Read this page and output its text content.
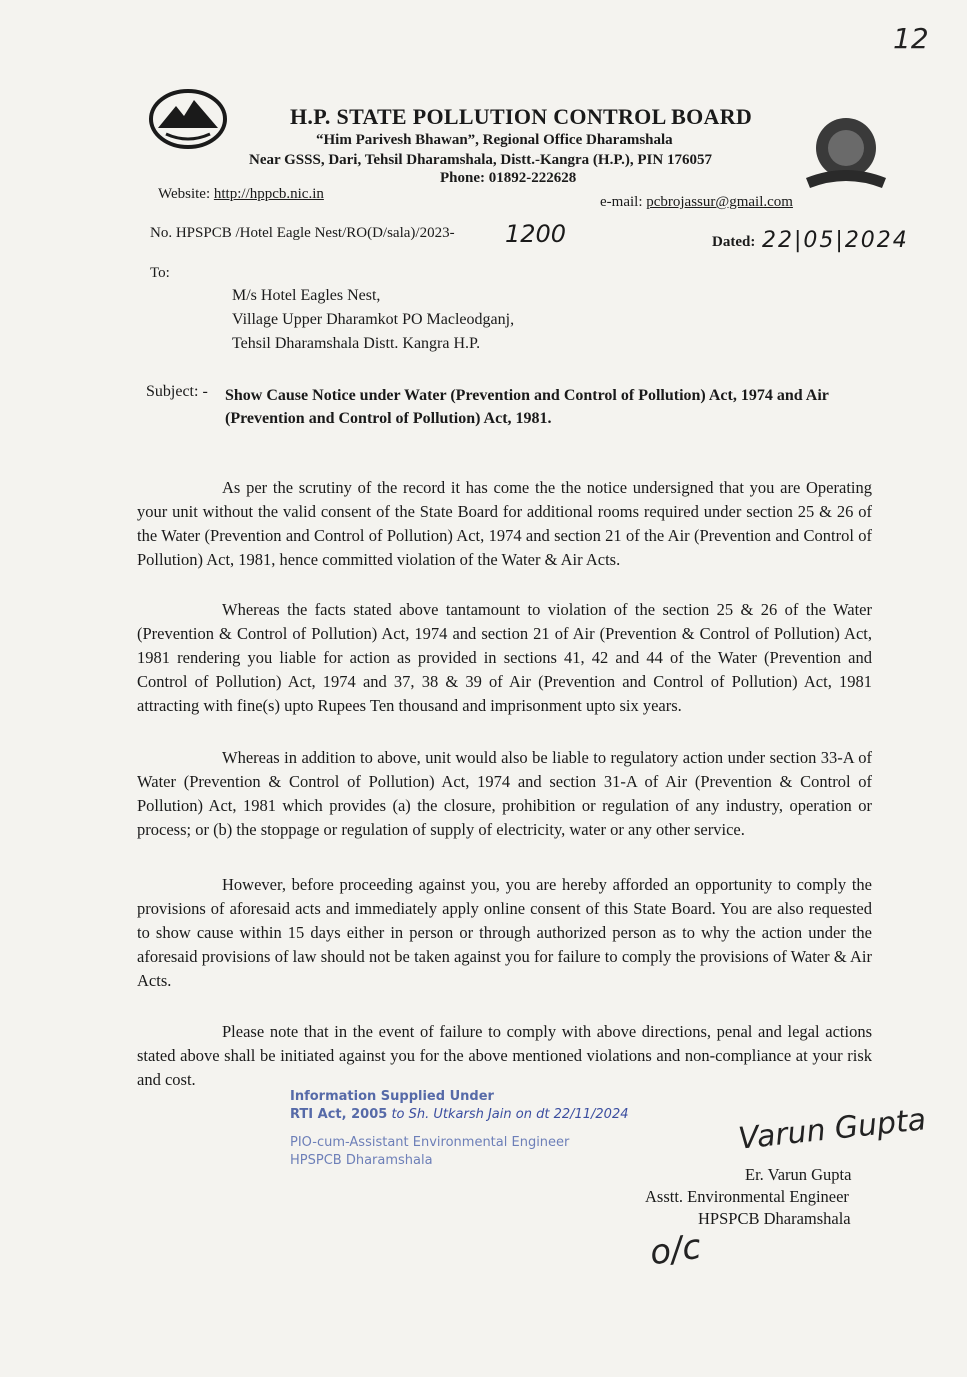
12
H.P. STATE POLLUTION CONTROL BOARD
“Him Parivesh Bhawan”, Regional Office Dharamshala
Near GSSS, Dari, Tehsil Dharamshala, Distt.-Kangra (H.P.), PIN 176057
Phone: 01892-222628
Website: http://hppcb.nic.in	e-mail: pcbrojassur@gmail.com
No. HPSPCB /Hotel Eagle Nest/RO(D/sala)/2023- 1200	Dated: 22|05|2024
To:
M/s Hotel Eagles Nest,
Village Upper Dharamkot PO Macleodganj,
Tehsil Dharamshala Distt. Kangra H.P.
Subject: - Show Cause Notice under Water (Prevention and Control of Pollution) Act, 1974 and Air (Prevention and Control of Pollution) Act, 1981.
As per the scrutiny of the record it has come the the notice undersigned that you are Operating your unit without the valid consent of the State Board for additional rooms required under section 25 & 26 of the Water (Prevention and Control of Pollution) Act, 1974 and section 21 of the Air (Prevention and Control of Pollution) Act, 1981, hence committed violation of the Water & Air Acts.
Whereas the facts stated above tantamount to violation of the section 25 & 26 of the Water (Prevention & Control of Pollution) Act, 1974 and section 21 of Air (Prevention & Control of Pollution) Act, 1981 rendering you liable for action as provided in sections 41, 42 and 44 of the Water (Prevention and Control of Pollution) Act, 1974 and 37, 38 & 39 of Air (Prevention and Control of Pollution) Act, 1981 attracting with fine(s) upto Rupees Ten thousand and imprisonment upto six years.
Whereas in addition to above, unit would also be liable to regulatory action under section 33-A of Water (Prevention & Control of Pollution) Act, 1974 and section 31-A of Air (Prevention & Control of Pollution) Act, 1981 which provides (a) the closure, prohibition or regulation of any industry, operation or process; or (b) the stoppage or regulation of supply of electricity, water or any other service.
However, before proceeding against you, you are hereby afforded an opportunity to comply the provisions of aforesaid acts and immediately apply online consent of this State Board. You are also requested to show cause within 15 days either in person or through authorized person as to why the action under the aforesaid provisions of law should not be taken against you for failure to comply the provisions of Water & Air Acts.
Please note that in the event of failure to comply with above directions, penal and legal actions stated above shall be initiated against you for the above mentioned violations and non-compliance at your risk and cost.
Information Supplied Under
RTI Act, 2005 to Sh. Utkarsh Jain on dt 22/11/2024
PIO-cum-Assistant Environmental Engineer
HPSPCB Dharamshala
Varun Gupta
Er. Varun Gupta
Asstt. Environmental Engineer
HPSPCB Dharamshala
o/c
